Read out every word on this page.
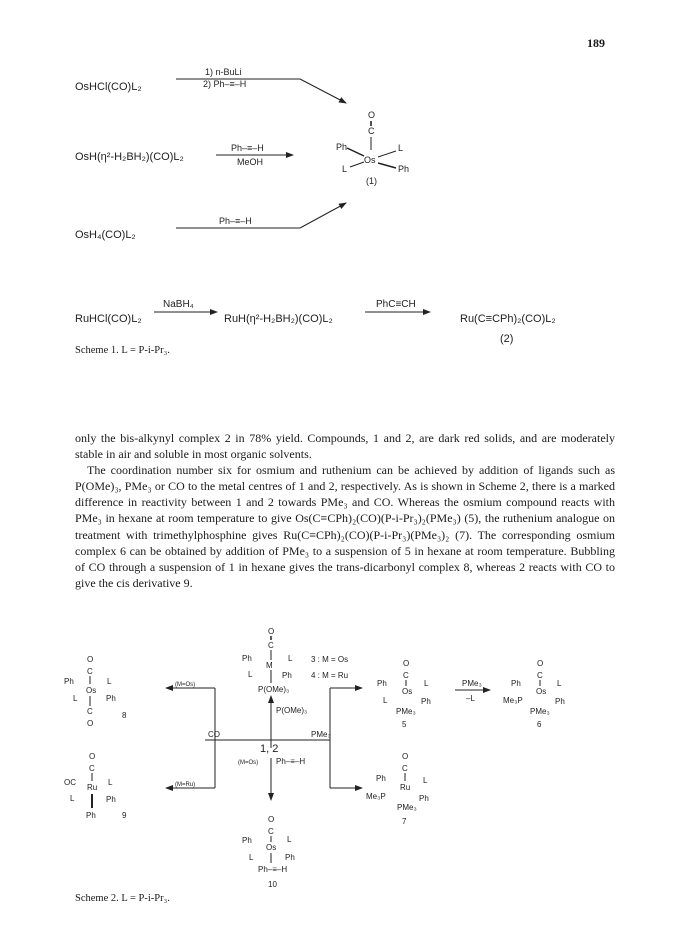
189
OsHCl(CO)L₂
1) n-BuLi
2) Ph–≡–H
OsH(η²-H₂BH₂)(CO)L₂
Ph–≡–H
MeOH
OsH₄(CO)L₂
Ph–≡–H
O
C
Ph
Os
L
L	Ph
(1)
RuHCl(CO)L₂
NaBH₄
RuH(η²-H₂BH₂)(CO)L₂
PhC≡CH
Ru(C≡CPh)₂(CO)L₂
(2)
O
C
Ph
M
L
L	Ph
P(OMe)₃
3 : M = Os
4 : M = Ru
P(OMe)₃
CO	PMe₃
1, 2
(M=Os)
(M=Ru)
O
C
Ph
Os
L
L	Ph
C
O
8
O
C
OC
Ru
L
L	Ph
Ph	9
O
C
Ph
Os
L
L	Ph
PMe₃
5
PMe₃
–L
O
C
Ph
Os
L
Me₃P	Ph
PMe₃
6
O
C
Ph
Ru
L
Me₃P	Ph
PMe₃
7
(M=Os) Ph–≡–H
O
C
Ph
Os
L
L	Ph
Ph–≡–H
10
Scheme 1. L = P-i-Pr₃.

only the bis-alkynyl complex 2 in 78% yield. Compounds, 1 and 2, are dark red solids, and are moderately stable in air and soluble in most organic solvents.

The coordination number six for osmium and ruthenium can be achieved by addition of ligands such as P(OMe)₃, PMe₃ or CO to the metal centres of 1 and 2, respectively. As is shown in Scheme 2, there is a marked difference in reactivity between 1 and 2 towards PMe₃ and CO. Whereas the osmium compound reacts with PMe₃ in hexane at room temperature to give Os(C≡CPh)₂(CO)(P-i-Pr₃)₂(PMe₃) (5), the ruthenium analogue on treatment with trimethylphosphine gives Ru(C≡CPh)₂(CO)(P-i-Pr₃)(PMe₃)₂ (7). The corresponding osmium complex 6 can be obtained by addition of PMe₃ to a suspension of 5 in hexane at room temperature. Bubbling of CO through a suspension of 1 in hexane gives the trans-dicarbonyl complex 8, whereas 2 reacts with CO to give the cis derivative 9.

Scheme 2. L = P-i-Pr₃.
